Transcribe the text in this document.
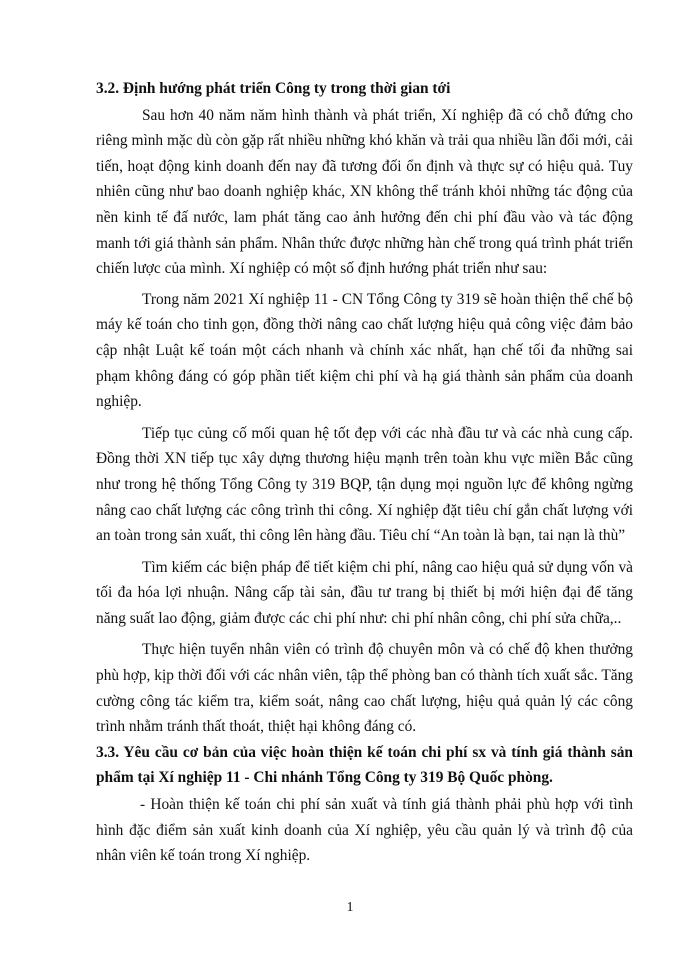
3.2. Định hướng phát triển Công ty trong thời gian tới

Sau hơn 40 năm năm hình thành và phát triển, Xí nghiệp đã có chỗ đứng cho riêng mình mặc dù còn gặp rất nhiều những khó khăn và trải qua nhiều lần đổi mới, cải tiến, hoạt động kinh doanh đến nay đã tương đối ổn định và thực sự có hiệu quả. Tuy nhiên cũng như bao doanh nghiệp khác, XN không thể tránh khỏi những tác động của nền kinh tế đấ nước, lam phát tăng cao ảnh hưởng đến chi phí đầu vào và tác động manh tới giá thành sản phẩm. Nhân thức được những hàn chế trong quá trình phát triển chiến lược của mình. Xí nghiệp có một số định hướng phát triển như sau:

Trong năm 2021 Xí nghiệp 11 - CN Tổng Công ty 319 sẽ hoàn thiện thể chế bộ máy kế toán cho tinh gọn, đồng thời nâng cao chất lượng hiệu quả công việc đảm bảo cập nhật Luật kế toán một cách nhanh và chính xác nhất, hạn chế tối đa những sai phạm không đáng có góp phần tiết kiệm chi phí và hạ giá thành sản phẩm của doanh nghiệp.

Tiếp tục củng cố mối quan hệ tốt đẹp với các nhà đầu tư và các nhà cung cấp. Đồng thời XN tiếp tục xây dựng thương hiệu mạnh trên toàn khu vực miền Bắc cũng như trong hệ thống Tổng Công ty 319 BQP, tận dụng mọi nguồn lực để không ngừng nâng cao chất lượng các công trình thi công. Xí nghiệp đặt tiêu chí gắn chất lượng với an toàn trong sản xuất, thi công lên hàng đầu. Tiêu chí “An toàn là bạn, tai nạn là thù”

Tìm kiếm các biện pháp để tiết kiệm chi phí, nâng cao hiệu quả sử dụng vốn và tối đa hóa lợi nhuận. Nâng cấp tài sản, đầu tư trang bị thiết bị mới hiện đại để tăng năng suất lao động, giảm được các chi phí như: chi phí nhân công, chi phí sửa chữa,..

Thực hiện tuyển nhân viên có trình độ chuyên môn và có chế độ khen thưởng phù hợp, kịp thời đối với các nhân viên, tập thể phòng ban có thành tích xuất sắc. Tăng cường công tác kiểm tra, kiểm soát, nâng cao chất lượng, hiệu quả quản lý các công trình nhằm tránh thất thoát, thiệt hại không đáng có.

3.3. Yêu cầu cơ bản của việc hoàn thiện kế toán chi phí sx và tính giá thành sản phẩm tại Xí nghiệp 11 - Chi nhánh Tổng Công ty 319 Bộ Quốc phòng.

- Hoàn thiện kế toán chi phí sản xuất và tính giá thành phải phù hợp với tình hình đặc điểm sản xuất kinh doanh của Xí nghiệp, yêu cầu quản lý và trình độ của nhân viên kế toán trong Xí nghiệp.

1
